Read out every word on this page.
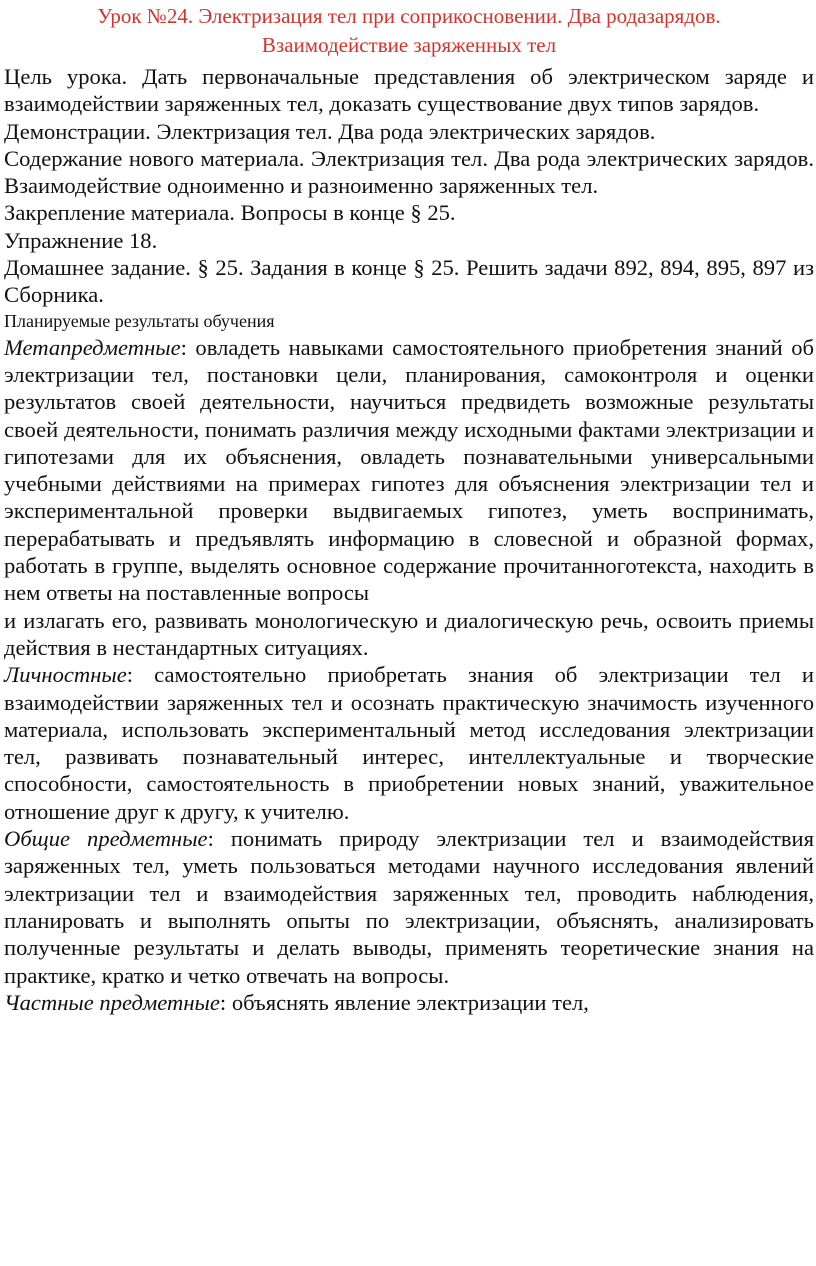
Урок №24. Электризация тел при соприкосновении. Два родазарядов.
Взаимодействие заряженных тел

Цель урока. Дать первоначальные представления об электрическом заряде и взаимодействии заряженных тел, доказать существование двух типов зарядов.

Демонстрации. Электризация тел. Два рода электрических зарядов.

Содержание нового материала. Электризация тел. Два рода электрических зарядов. Взаимодействие одноименно и разноименно заряженных тел.

Закрепление материала. Вопросы в конце § 25.

Упражнение 18.

Домашнее задание. § 25. Задания в конце § 25. Решить задачи 892, 894, 895, 897 из Сборника.

Планируемые результаты обучения

Метапредметные: овладеть навыками самостоятельного приобретения знаний об электризации тел, постановки цели, планирования, самоконтроля и оценки результатов своей деятельности, научиться предвидеть возможные результаты своей деятельности, понимать различия между исходными фактами электризации и гипотезами для их объяснения, овладеть познавательными универсальными учебными действиями на примерах гипотез для объяснения электризации тел и экспериментальной проверки выдвигаемых гипотез, уметь воспринимать, перерабатывать и предъявлять информацию в словесной и образной формах, работать в группе, выделять основное содержание прочитанноготекста, находить в нем ответы на поставленные вопросы

и излагать его, развивать монологическую и диалогическую речь, освоить приемы действия в нестандартных ситуациях.

Личностные: самостоятельно приобретать знания об электризации тел и взаимодействии заряженных тел и осознать практическую значимость изученного материала, использовать экспериментальный метод исследования электризации тел, развивать познавательный интерес, интеллектуальные и творческие способности, самостоятельность в приобретении новых знаний, уважительное отношение друг к другу, к учителю.

Общие предметные: понимать природу электризации тел и взаимодействия заряженных тел, уметь пользоваться методами научного исследования явлений электризации тел и взаимодействия заряженных тел, проводить наблюдения, планировать и выполнять опыты по электризации, объяснять, анализировать полученные результаты и делать выводы, применять теоретические знания на практике, кратко и четко отвечать на вопросы.

Частные предметные: объяснять явление электризации тел,
